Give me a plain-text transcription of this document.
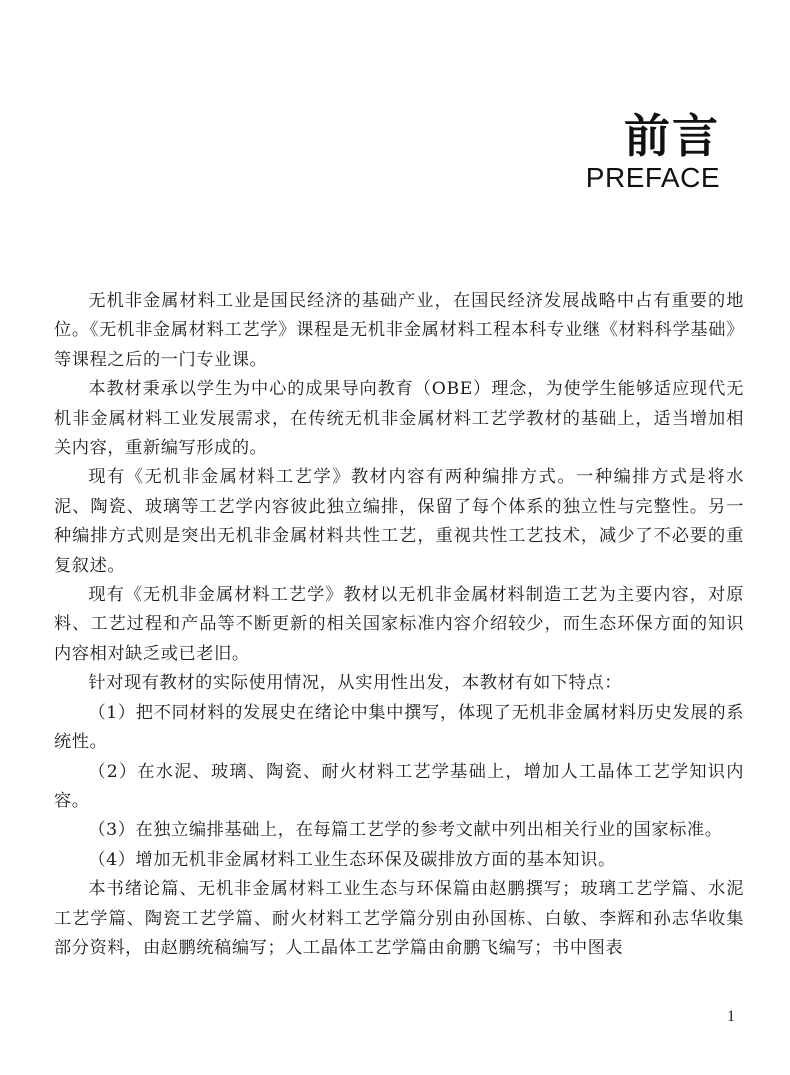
前言
PREFACE

无机非金属材料工业是国民经济的基础产业，在国民经济发展战略中占有重要的地位。《无机非金属材料工艺学》课程是无机非金属材料工程本科专业继《材料科学基础》等课程之后的一门专业课。

本教材秉承以学生为中心的成果导向教育（OBE）理念，为使学生能够适应现代无机非金属材料工业发展需求，在传统无机非金属材料工艺学教材的基础上，适当增加相关内容，重新编写形成的。

现有《无机非金属材料工艺学》教材内容有两种编排方式。一种编排方式是将水泥、陶瓷、玻璃等工艺学内容彼此独立编排，保留了每个体系的独立性与完整性。另一种编排方式则是突出无机非金属材料共性工艺，重视共性工艺技术，减少了不必要的重复叙述。

现有《无机非金属材料工艺学》教材以无机非金属材料制造工艺为主要内容，对原料、工艺过程和产品等不断更新的相关国家标准内容介绍较少，而生态环保方面的知识内容相对缺乏或已老旧。

针对现有教材的实际使用情况，从实用性出发，本教材有如下特点：

（1）把不同材料的发展史在绪论中集中撰写，体现了无机非金属材料历史发展的系统性。

（2）在水泥、玻璃、陶瓷、耐火材料工艺学基础上，增加人工晶体工艺学知识内容。

（3）在独立编排基础上，在每篇工艺学的参考文献中列出相关行业的国家标准。

（4）增加无机非金属材料工业生态环保及碳排放方面的基本知识。

本书绪论篇、无机非金属材料工业生态与环保篇由赵鹏撰写；玻璃工艺学篇、水泥工艺学篇、陶瓷工艺学篇、耐火材料工艺学篇分别由孙国栋、白敏、李辉和孙志华收集部分资料，由赵鹏统稿编写；人工晶体工艺学篇由俞鹏飞编写；书中图表

1
